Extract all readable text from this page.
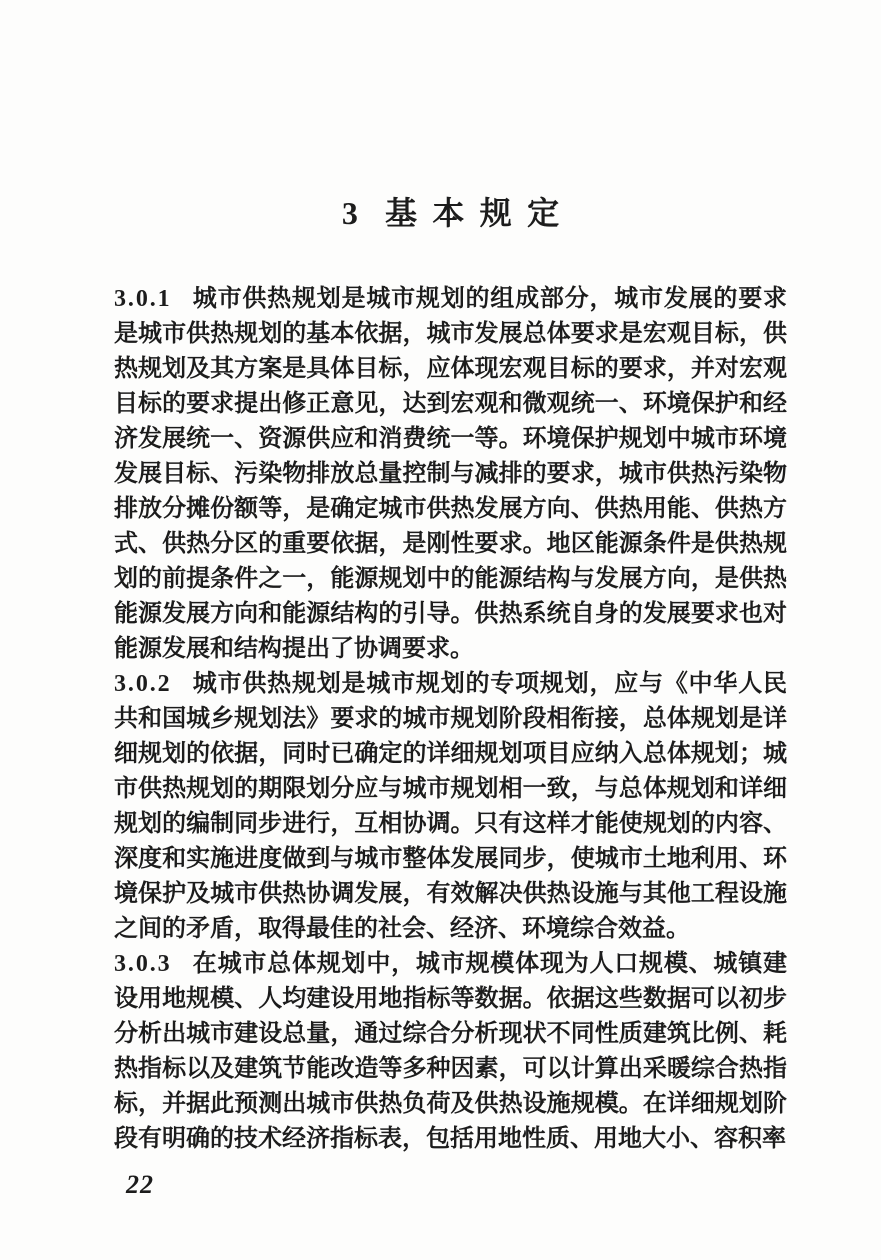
3 基本规定

3.0.1 城市供热规划是城市规划的组成部分，城市发展的要求是城市供热规划的基本依据，城市发展总体要求是宏观目标，供热规划及其方案是具体目标，应体现宏观目标的要求，并对宏观目标的要求提出修正意见，达到宏观和微观统一、环境保护和经济发展统一、资源供应和消费统一等。环境保护规划中城市环境发展目标、污染物排放总量控制与减排的要求，城市供热污染物排放分摊份额等，是确定城市供热发展方向、供热用能、供热方式、供热分区的重要依据，是刚性要求。地区能源条件是供热规划的前提条件之一，能源规划中的能源结构与发展方向，是供热能源发展方向和能源结构的引导。供热系统自身的发展要求也对能源发展和结构提出了协调要求。

3.0.2 城市供热规划是城市规划的专项规划，应与《中华人民共和国城乡规划法》要求的城市规划阶段相衔接，总体规划是详细规划的依据，同时已确定的详细规划项目应纳入总体规划；城市供热规划的期限划分应与城市规划相一致，与总体规划和详细规划的编制同步进行，互相协调。只有这样才能使规划的内容、深度和实施进度做到与城市整体发展同步，使城市土地利用、环境保护及城市供热协调发展，有效解决供热设施与其他工程设施之间的矛盾，取得最佳的社会、经济、环境综合效益。

3.0.3 在城市总体规划中，城市规模体现为人口规模、城镇建设用地规模、人均建设用地指标等数据。依据这些数据可以初步分析出城市建设总量，通过综合分析现状不同性质建筑比例、耗热指标以及建筑节能改造等多种因素，可以计算出采暖综合热指标，并据此预测出城市供热负荷及供热设施规模。在详细规划阶段有明确的技术经济指标表，包括用地性质、用地大小、容积率

22
